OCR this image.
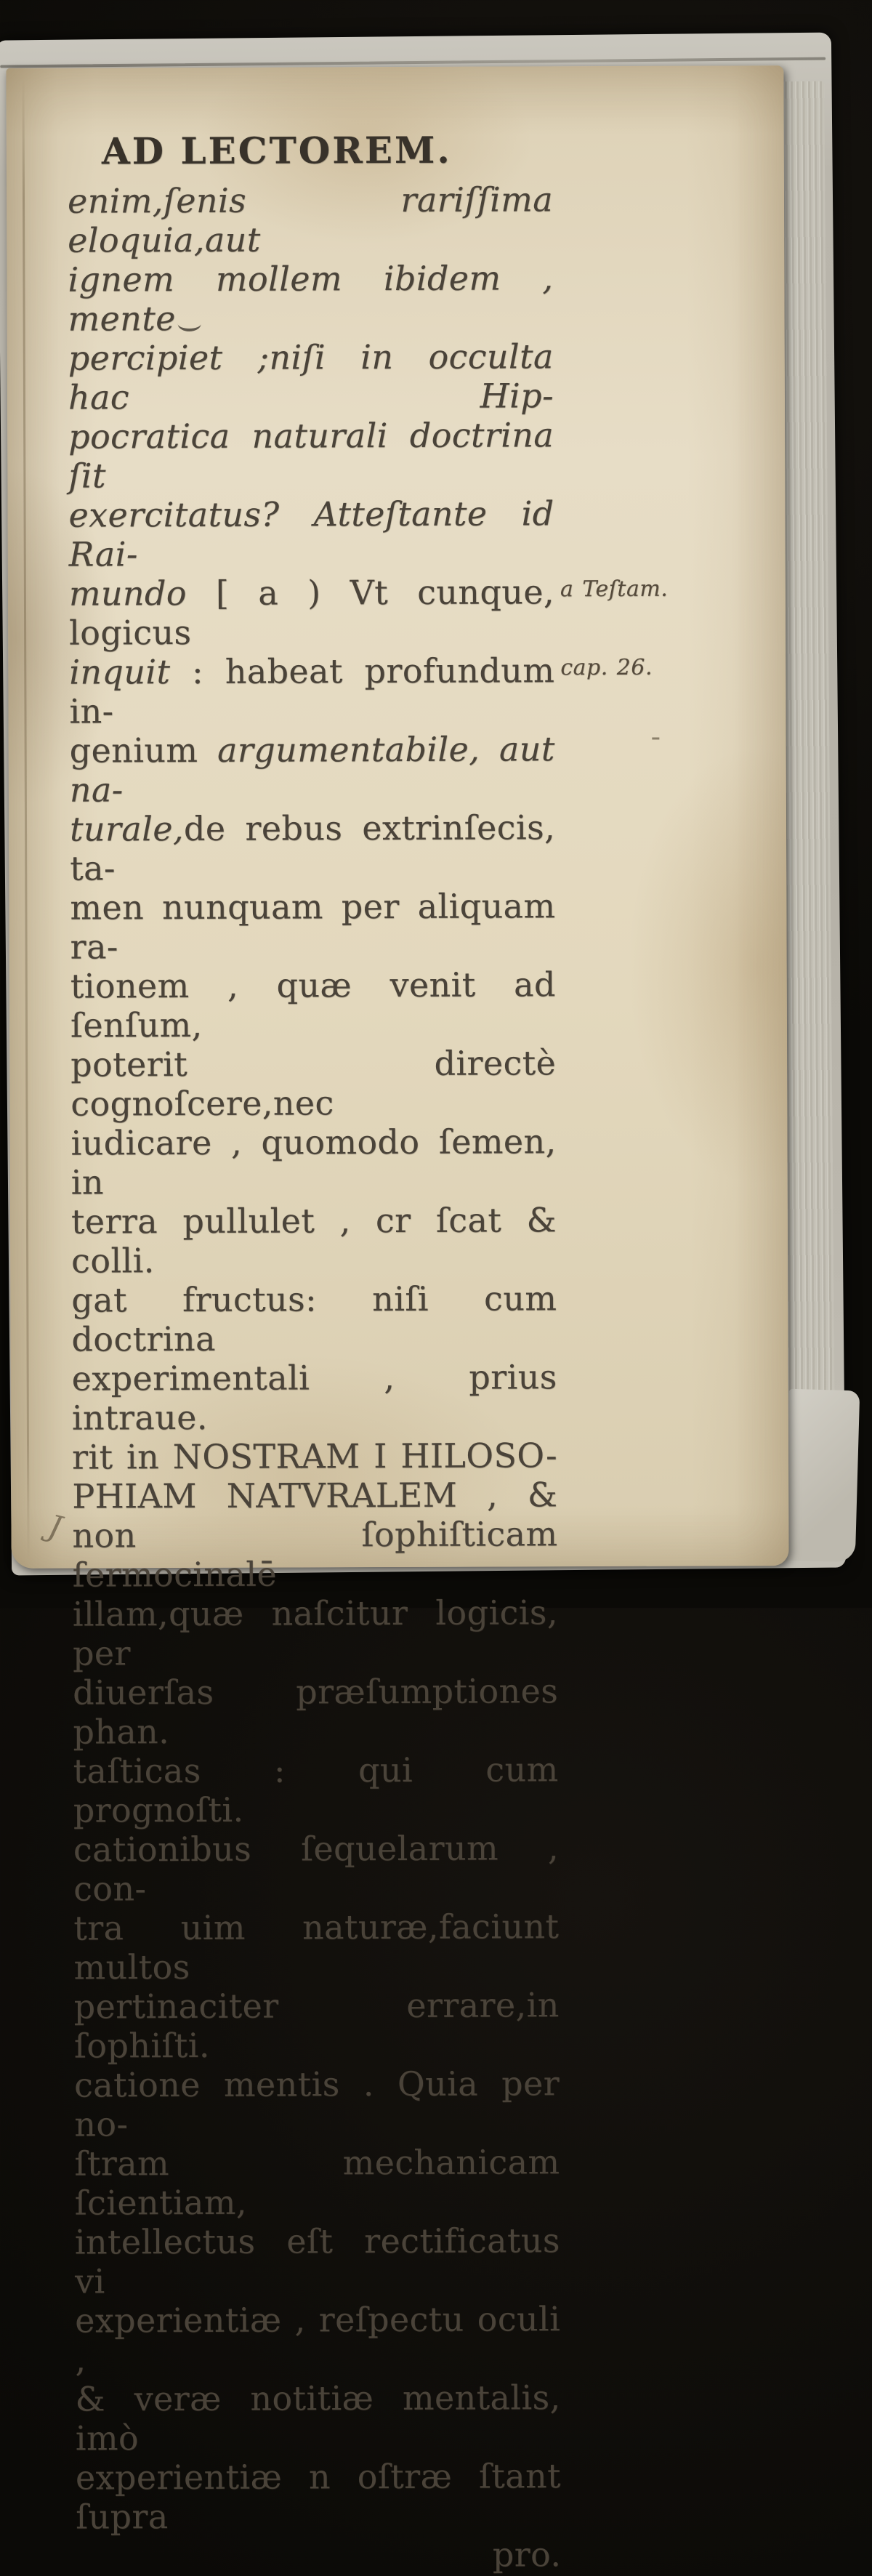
AD LECTOREM.
enim,ſenis rariſſima eloquia,aut
ignem mollem ibidem , mente
percipiet ;niſi in occulta hac Hip-
pocratica naturali doctrina ſit
exercitatus? Atteſtante id Rai-
mundo [ a ) Vt cunque, logicus
a Teſtam.
inquit : habeat profundum in-
cap. 26.
genium argumentabile, aut na-
turale,de rebus extrinſecis, ta-
men nunquam per aliquam ra-
tionem , quæ venit ad ſenſum,
poterit directè cognoſcere,nec
iudicare , quomodo ſemen, in
terra pullulet , cr ſcat & colli.
gat fructus: niſi cum doctrina
experimentali , prius intraue.
rit in NOSTRAM I HILOSO-
PHIAM NATVRALEM , &
non ſophiſticam ſermocinalē
illam,quæ naſcitur logicis, per
diuerſas præſumptiones phan.
taſticas : qui cum prognoſti.
cationibus ſequelarum , con-
tra uim naturæ,faciunt multos
pertinaciter errare,in ſophiſti.
catione mentis . Quia per no-
ſtram mechanicam ſcientiam,
intellectus eſt rectificatus vi
experientiæ , reſpectu oculi ,
& veræ notitiæ mentalis, imò
experientiæ n oſtræ ſtant ſupra
pro.
J
-
